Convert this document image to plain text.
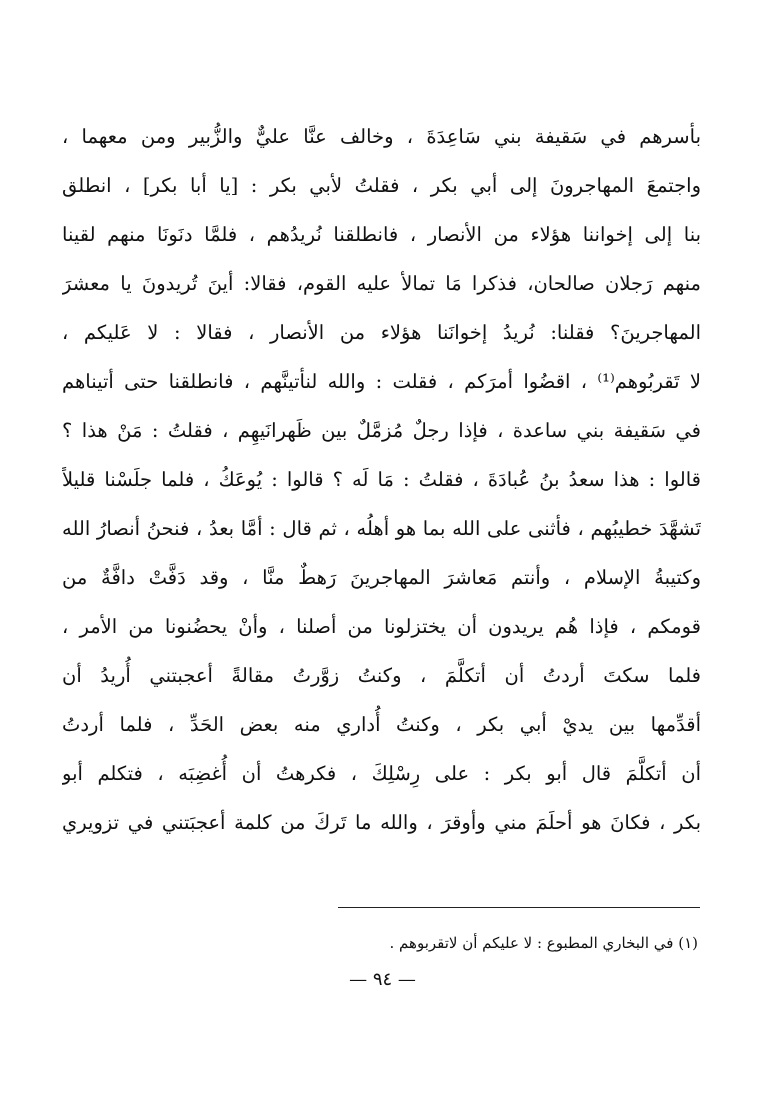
بأسرهم في سَقيفة بني سَاعِدَةَ ، وخالف عنَّا عليٌّ والزُّبير ومن معهما ،
واجتمعَ المهاجرونَ إلى أبي بكر ، فقلتُ لأبي بكر : [يا أبا بكر] ، انطلق
بنا إلى إخواننا هؤلاء من الأنصار ، فانطلقنا نُريدُهم ، فلمَّا دنَونَا منهم لقينا
منهم رَجلان صالحان، فذكرا مَا تمالأ عليه القوم، فقالا: أينَ تُريدونَ يا معشرَ
المهاجرينَ؟ فقلنا: نُريدُ إخوانَنا هؤلاء من الأنصار ، فقالا : لا عَليكم ،
لا تَقربُوهم⁽¹⁾ ، اقضُوا أمرَكم ، فقلت : والله لنأتينَّهم ، فانطلقنا حتى أتيناهم
في سَقيفة بني ساعدة ، فإذا رجلٌ مُزمَّلٌ بين ظَهرانَيهِم ، فقلتُ : مَنْ هذا ؟
قالوا : هذا سعدُ بنُ عُبادَةَ ، فقلتُ : مَا لَه ؟ قالوا : يُوعَكُ ، فلما جلَسْنا قليلاً
تَشهَّدَ خطيبُهم ، فأثنى على الله بما هو أهلُه ، ثم قال : أمَّا بعدُ ، فنحنُ أنصارُ الله
وكتيبةُ الإسلام ، وأنتم مَعاشرَ المهاجرينَ رَهطٌ منَّا ، وقد دَفَّتْ دافَّةٌ من
قومكم ، فإذا هُم يريدون أن يختزلونا من أصلنا ، وأنْ يحضُنونا من الأمر ،
فلما سكتَ أردتُ أن أتكلَّمَ ، وكنتُ زوَّرتُ مقالةً أعجبتني أُريدُ أن
أقدِّمها بين يديْ أبي بكر ، وكنتُ أُداري منه بعض الحَدِّ ، فلما أردتُ
أن أتكلَّمَ قال أبو بكر : على رِسْلِكَ ، فكرهتُ أن أُغضِبَه ، فتكلم أبو
بكر ، فكانَ هو أحلَمَ مني وأوقرَ ، والله ما تَركَ من كلمة أعجبَتني في تزويري
(١) في البخاري المطبوع : لا عليكم أن لاتقربوهم .
— ٩٤ —
